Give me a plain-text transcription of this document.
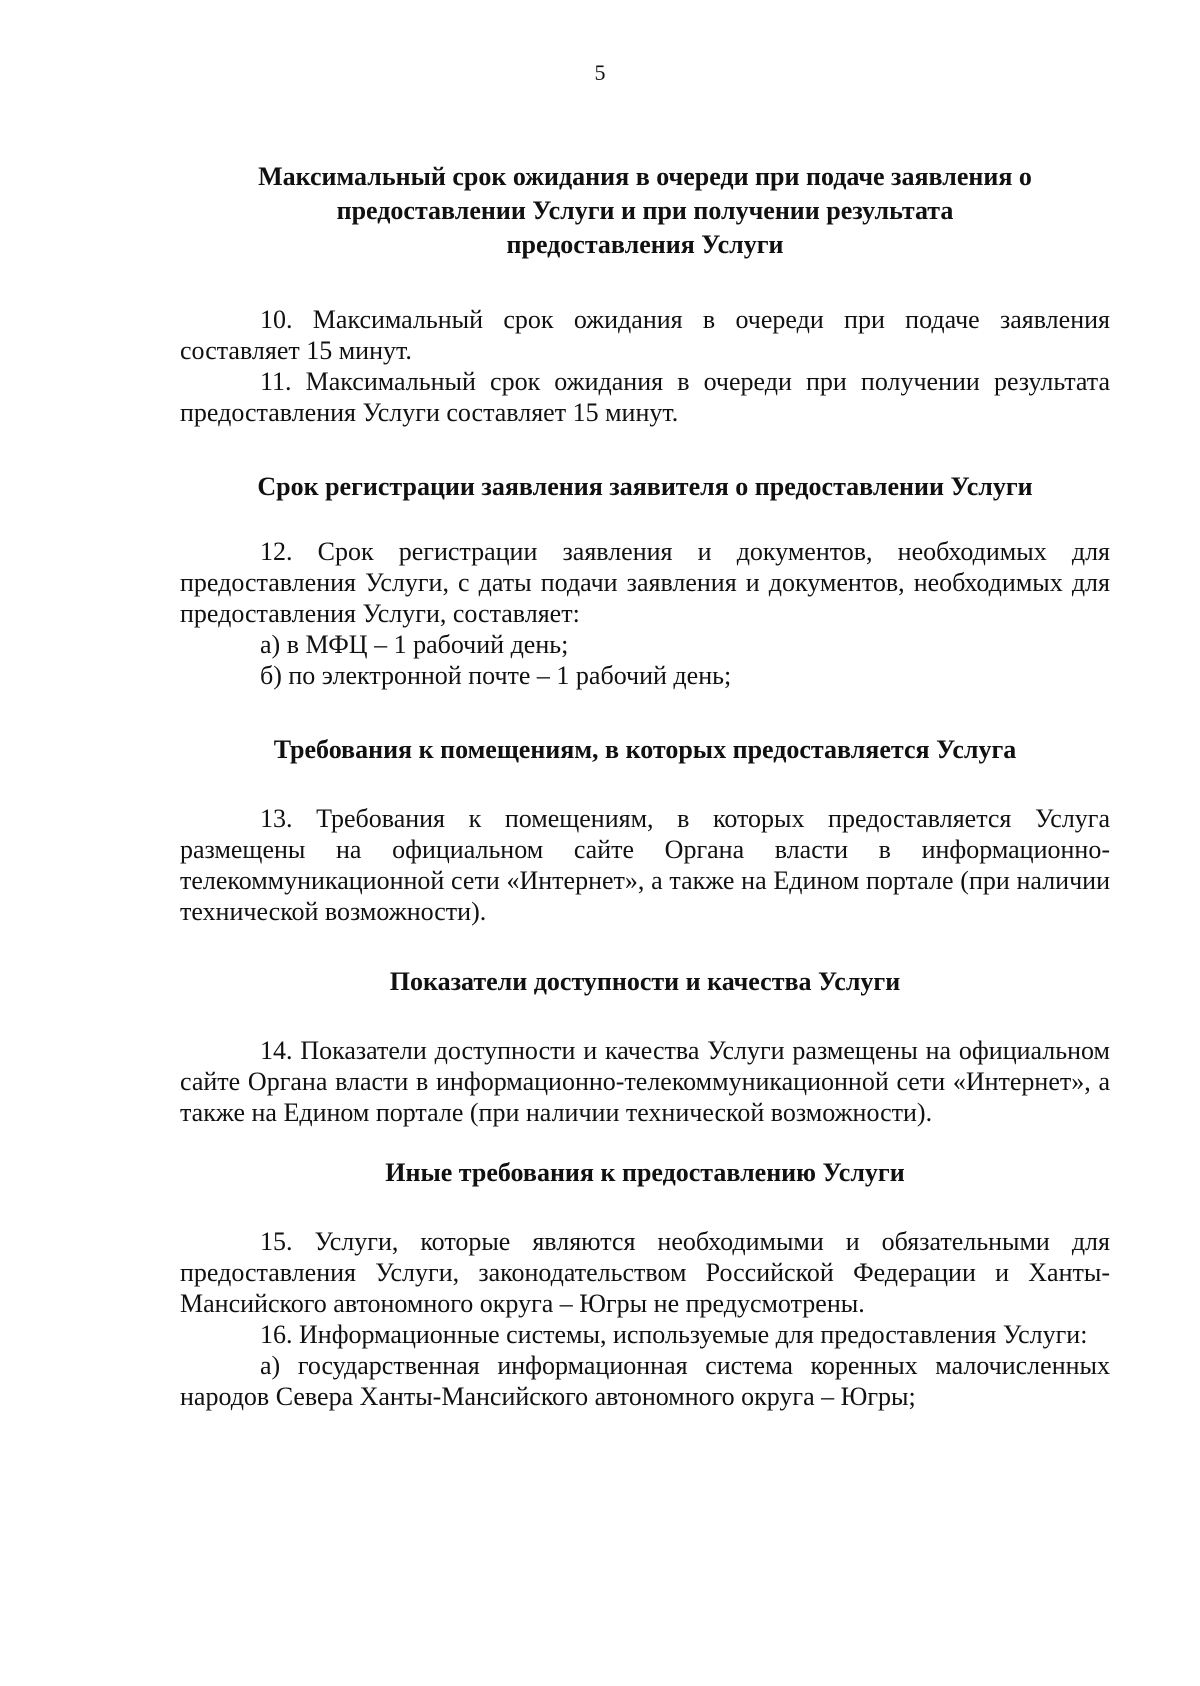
5
Максимальный срок ожидания в очереди при подаче заявления о
предоставлении Услуги и при получении результата
предоставления Услуги

10. Максимальный срок ожидания в очереди при подаче заявления составляет 15 минут.

11. Максимальный срок ожидания в очереди при получении результата предоставления Услуги составляет 15 минут.

Срок регистрации заявления заявителя о предоставлении Услуги

12. Срок регистрации заявления и документов, необходимых для предоставления Услуги, с даты подачи заявления и документов, необходимых для предоставления Услуги, составляет:

а) в МФЦ – 1 рабочий день;

б) по электронной почте – 1 рабочий день;

Требования к помещениям, в которых предоставляется Услуга

13. Требования к помещениям, в которых предоставляется Услуга размещены на официальном сайте Органа власти в информационно-телекоммуникационной сети «Интернет», а также на Едином портале (при наличии технической возможности).

Показатели доступности и качества Услуги

14. Показатели доступности и качества Услуги размещены на официальном сайте Органа власти в информационно-телекоммуникационной сети «Интернет», а также на Едином портале (при наличии технической возможности).

Иные требования к предоставлению Услуги

15. Услуги, которые являются необходимыми и обязательными для предоставления Услуги, законодательством Российской Федерации и Ханты-Мансийского автономного округа – Югры не предусмотрены.

16. Информационные системы, используемые для предоставления Услуги:

а) государственная информационная система коренных малочисленных народов Севера Ханты-Мансийского автономного округа – Югры;
